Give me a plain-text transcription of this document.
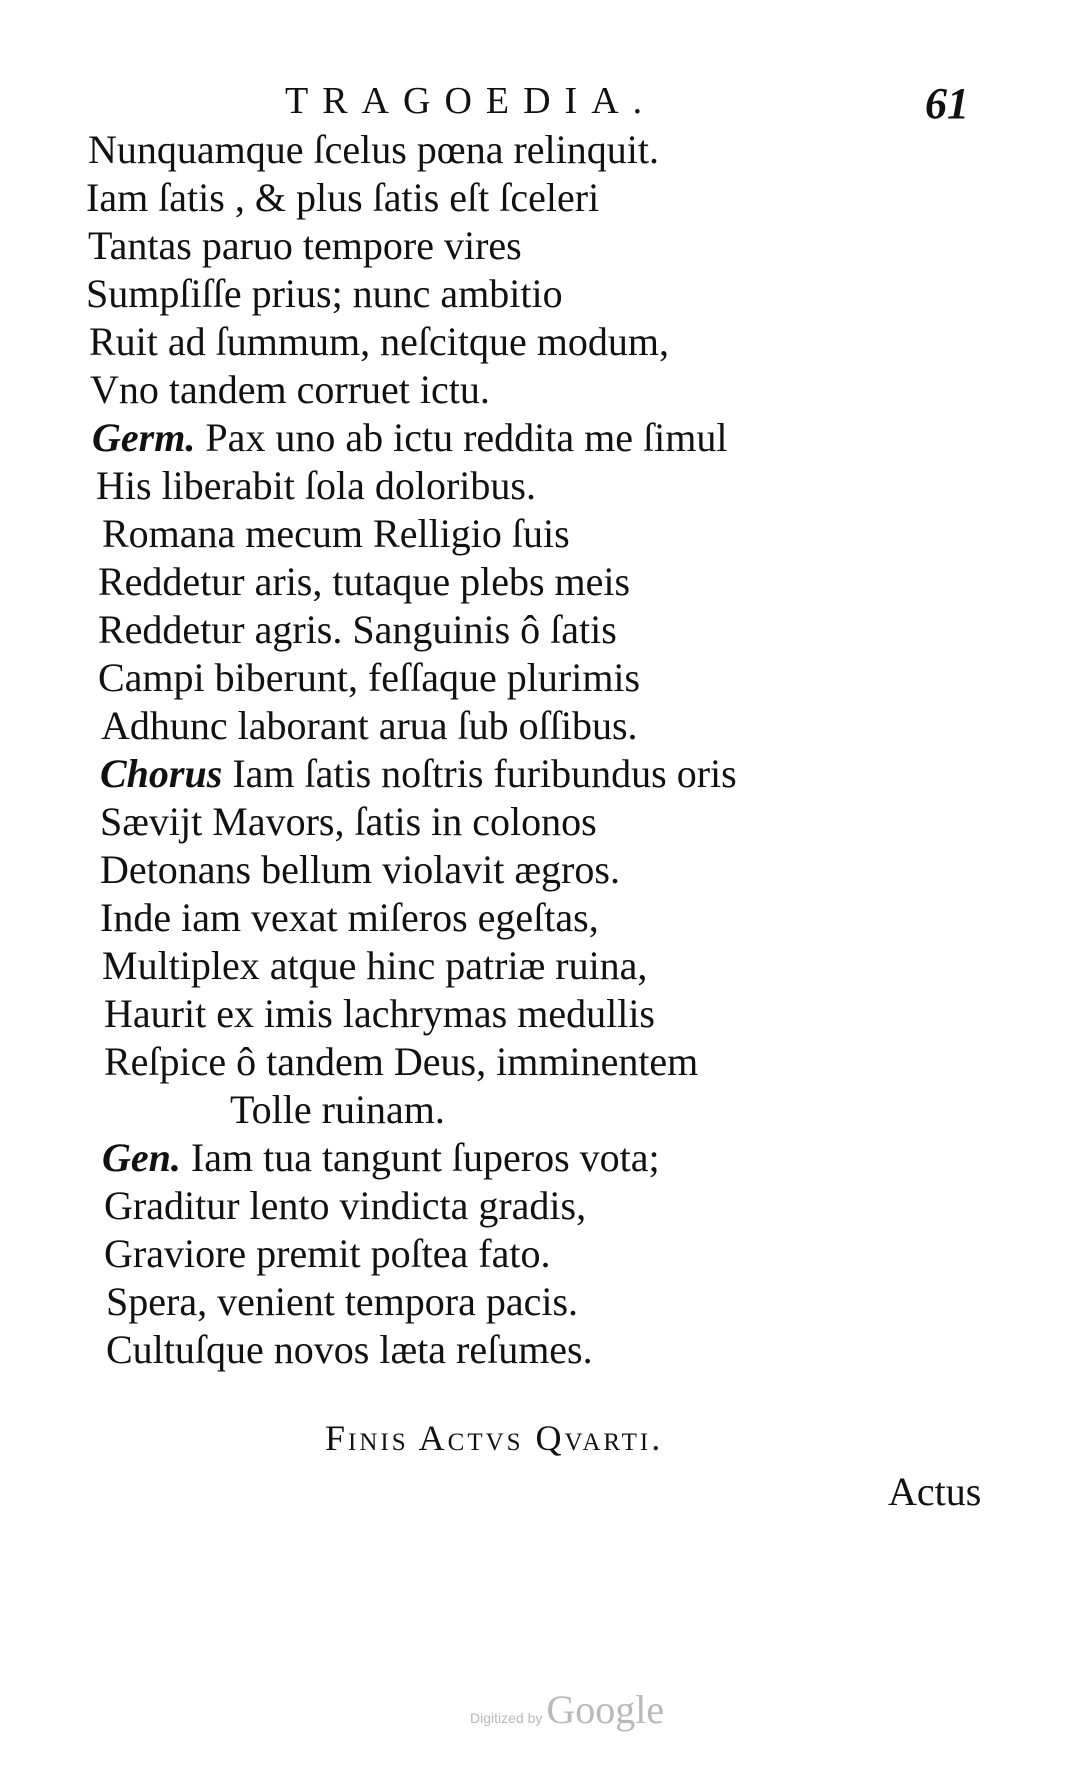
TRAGOEDIA.	61
Nunquamque ſcelus pœna relinquit.
Iam ſatis , & plus ſatis eſt ſceleri
Tantas paruo tempore vires
Sumpſiſſe prius; nunc ambitio
Ruit ad ſummum, neſcitque modum,
Vno tandem corruet ictu.
Germ. Pax uno ab ictu reddita me ſimul
His liberabit ſola doloribus.
Romana mecum Relligio ſuis
Reddetur aris, tutaque plebs meis
Reddetur agris. Sanguinis ô ſatis
Campi biberunt, feſſaque plurimis
Adhunc laborant arua ſub oſſibus.
Chorus Iam ſatis noſtris furibundus oris
Sævijt Mavors, ſatis in colonos
Detonans bellum violavit ægros.
Inde iam vexat miſeros egeſtas,
Multiplex atque hinc patriæ ruina,
Haurit ex imis lachrymas medullis
Reſpice ô tandem Deus, imminentem
Tolle ruinam.
Gen. Iam tua tangunt ſuperos vota;
Graditur lento vindicta gradis,
Graviore premit poſtea fato.
Spera, venient tempora pacis.
Cultuſque novos læta reſumes.
Finis Actvs Qvarti.
Actus
Digitized by Google
